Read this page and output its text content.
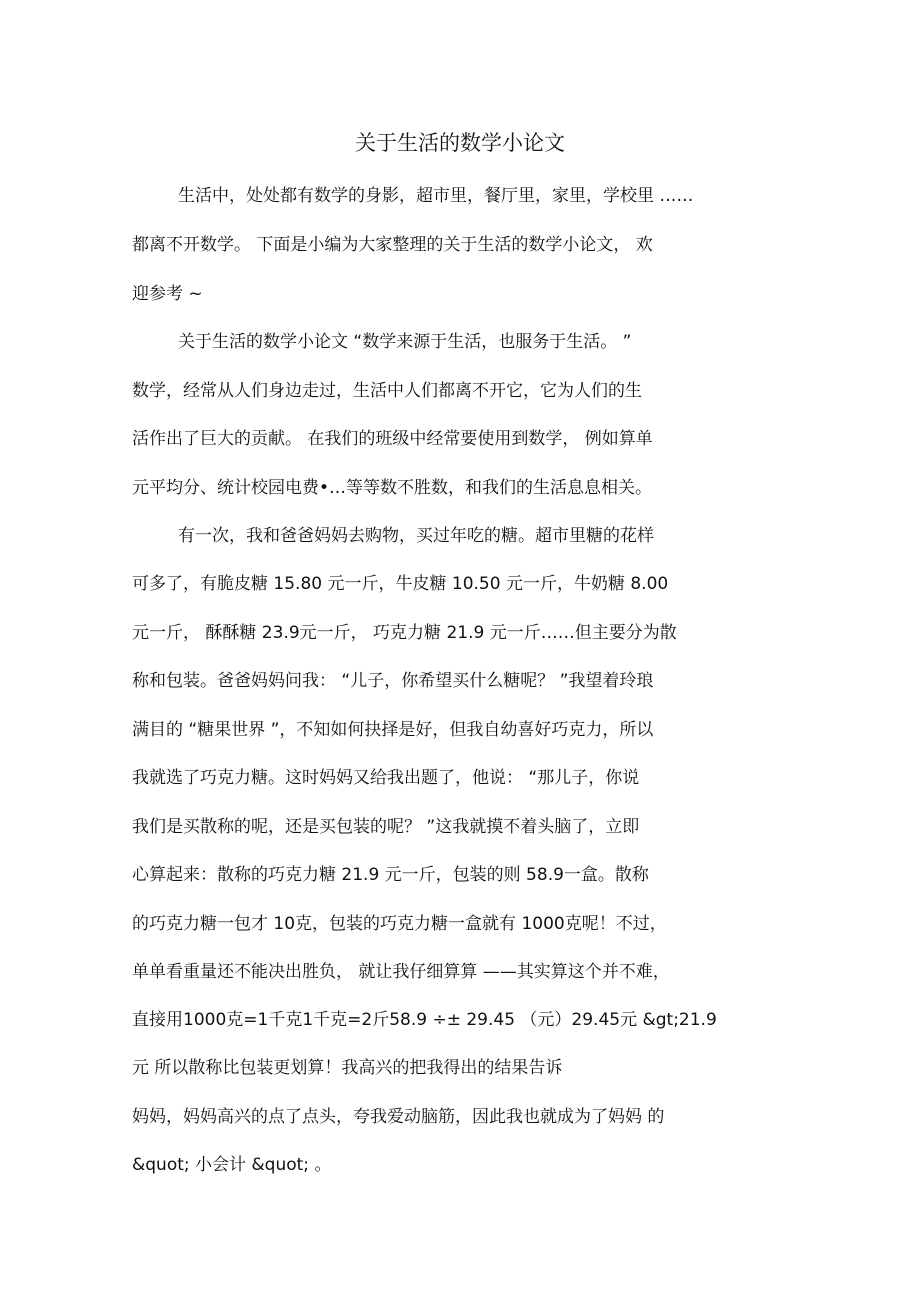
关于生活的数学小论文
生活中，处处都有数学的身影，超市里，餐厅里，家里，学校里 ……
都离不开数学。 下面是小编为大家整理的关于生活的数学小论文， 欢
迎参考 ~
关于生活的数学小论文 “数学来源于生活，也服务于生活。 ”
数学，经常从人们身边走过，生活中人们都离不开它，它为人们的生
活作出了巨大的贡献。 在我们的班级中经常要使用到数学， 例如算单
元平均分、统计校园电费•…等等数不胜数，和我们的生活息息相关。
有一次，我和爸爸妈妈去购物，买过年吃的糖。超市里糖的花样
可多了，有脆皮糖 15.80 元一斤，牛皮糖 10.50 元一斤，牛奶糖 8.00
元一斤， 酥酥糖 23.9元一斤， 巧克力糖 21.9 元一斤……但主要分为散
称和包装。爸爸妈妈问我： “儿子，你希望买什么糖呢？ ”我望着玲琅
满目的 “糖果世界 ”，不知如何抉择是好，但我自幼喜好巧克力，所以
我就选了巧克力糖。这时妈妈又给我出题了，他说： “那儿子，你说
我们是买散称的呢，还是买包装的呢？ ”这我就摸不着头脑了，立即
心算起来：散称的巧克力糖 21.9 元一斤，包装的则 58.9一盒。散称
的巧克力糖一包才 10克，包装的巧克力糖一盒就有 1000克呢！不过，
单单看重量还不能决出胜负， 就让我仔细算算 ——其实算这个并不难，
直接用1000克=1千克1千克=2斤58.9 ÷± 29.45 （元）29.45元 &gt;21.9
元 所以散称比包装更划算！我高兴的把我得出的结果告诉
妈妈，妈妈高兴的点了点头，夸我爱动脑筋，因此我也就成为了妈妈 的
&quot; 小会计 &quot; 。
